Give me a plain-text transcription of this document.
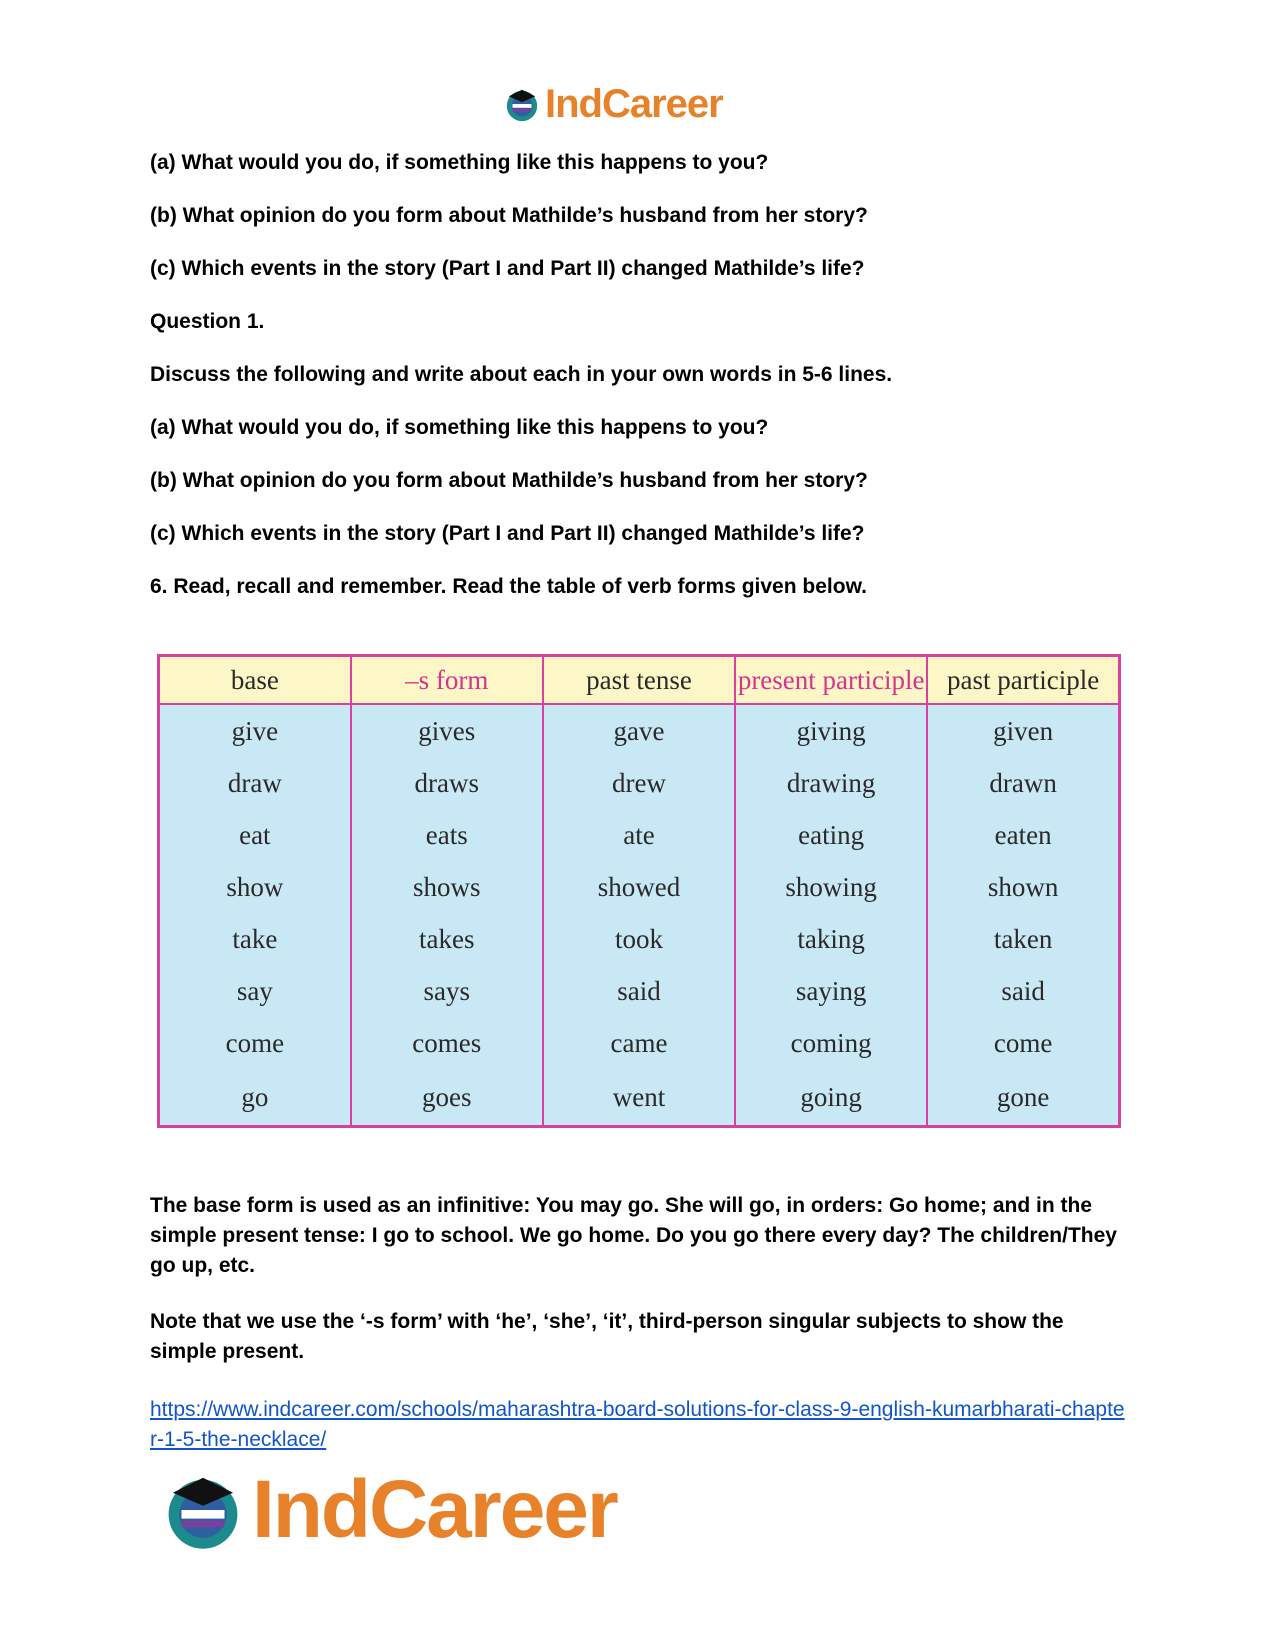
IndCareer

(a) What would you do, if something like this happens to you?

(b) What opinion do you form about Mathilde’s husband from her story?

(c) Which events in the story (Part I and Part II) changed Mathilde’s life?

Question 1.

Discuss the following and write about each in your own words in 5-6 lines.

(a) What would you do, if something like this happens to you?

(b) What opinion do you form about Mathilde’s husband from her story?

(c) Which events in the story (Part I and Part II) changed Mathilde’s life?

6. Read, recall and remember. Read the table of verb forms given below.

base	–s form	past tense	present participle	past participle
give	gives	gave	giving	given
draw	draws	drew	drawing	drawn
eat	eats	ate	eating	eaten
show	shows	showed	showing	shown
take	takes	took	taking	taken
say	says	said	saying	said
come	comes	came	coming	come
go	goes	went	going	gone

The base form is used as an infinitive: You may go. She will go, in orders: Go home; and in the simple present tense: I go to school. We go home. Do you go there every day? The children/They go up, etc.

Note that we use the ‘-s form’ with ‘he’, ‘she’, ‘it’, third-person singular subjects to show the simple present.

https://www.indcareer.com/schools/maharashtra-board-solutions-for-class-9-english-kumarbharati-chapter-1-5-the-necklace/
IndCareer
